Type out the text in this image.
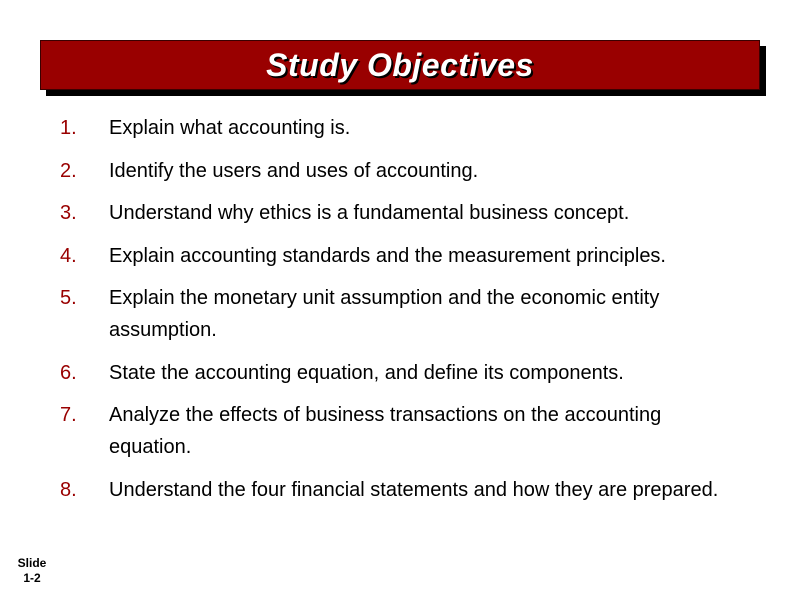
Study Objectives
1.	Explain what accounting is.
2.	Identify the users and uses of accounting.
3.	Understand why ethics is a fundamental business concept.
4.	Explain accounting standards and the measurement principles.
5.	Explain the monetary unit assumption and the economic entity assumption.
6.	State the accounting equation, and define its components.
7.	Analyze the effects of business transactions on the accounting equation.
8.	Understand the four financial statements and how they are prepared.
Slide
1-2
